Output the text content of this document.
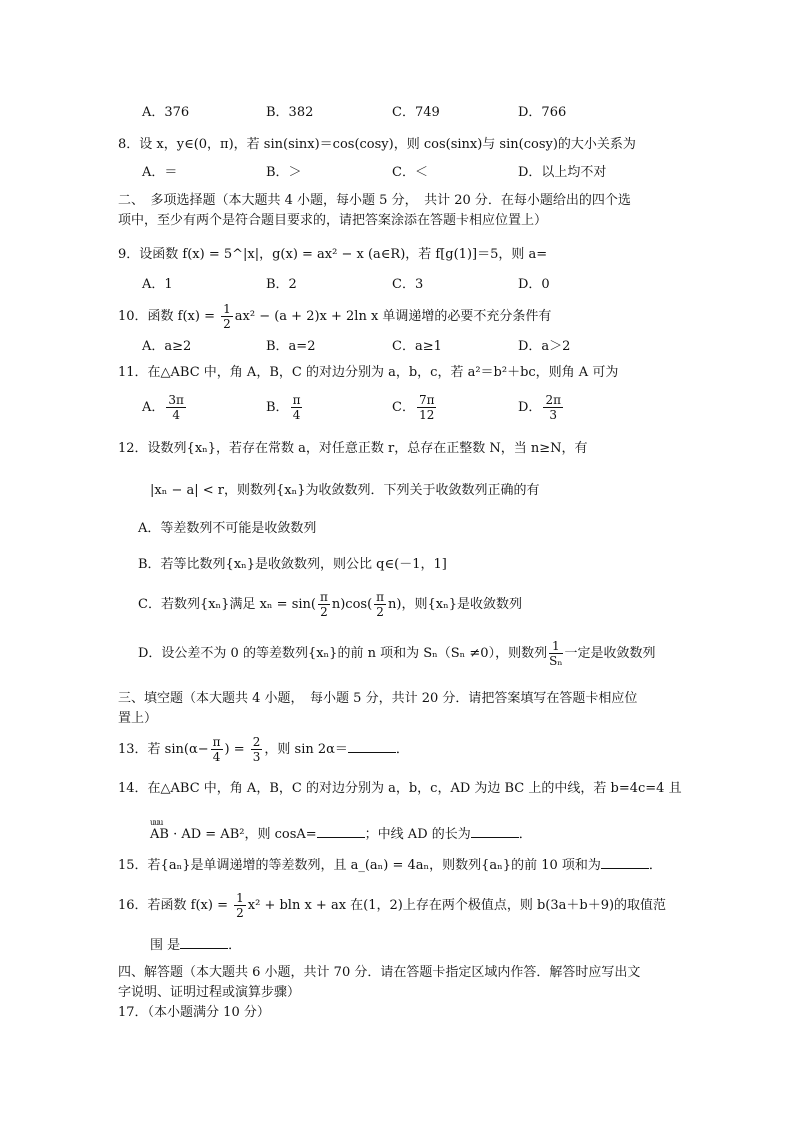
A．376	B．382	C．749	D．766
8．设 x，y∈(0，π)，若 sin(sinx)＝cos(cosy)，则 cos(sinx)与 sin(cosy)的大小关系为
A．＝	B．＞	C．＜	D．以上均不对
二、　多项选择题（本大题共 4 小题，每小题 5 分，　共计 20 分．在每小题给出的四个选
项中，至少有两个是符合题目要求的，请把答案涂添在答题卡相应位置上）
9．设函数 f(x) = 5^|x|，g(x) = ax² − x (a∈R)，若 f[g(1)]＝5，则 a=
A．1	B．2	C．3	D．0
10．函数 $f(x) = \frac{1}{2} ax^2 - (a + 2)x + 2\ln$ x 单调递增的必要不充分条件有
A．a≥2	B．a=2	C．a≥1	D．a＞2
11．在△ABC 中，角 A，B，C 的对边分别为 a，b，c，若 a²＝b²＋bc，则角 A 可为
A． $\frac{3\pi}{4}$	B． $\frac{\pi}{4}$	C． $\frac{7\pi}{12}$	D． $\frac{2\pi}{3}$
12．设数列{xₙ}，若存在常数 a，对任意正数 r，总存在正整数 N，当 n≥N，有
|xₙ − a| < r，则数列{xₙ}为收敛数列．下列关于收敛数列正确的有
A．等差数列不可能是收敛数列
B．若等比数列{xₙ}是收敛数列，则公比 q∈(－1，1]
C．若数列{xₙ}满足 $x_n = \sin( \frac{\pi}{2} n)\cos( \frac{\pi}{2} n)$，则{xₙ}是收敛数列
D．设公差不为 0 的等差数列{xₙ}的前 n 项和为 Sₙ（Sₙ ≠0），则数列 $\frac{1}{\text{Sₙ}}$ 一定是收敛数列
三、填空题（本大题共 4 小题，　每小题 5 分，共计 20 分．请把答案填写在答题卡相应位
置上）
13．若 $\sin(\alpha- \frac{\pi}{4}$ ) = $\frac{2}{3}$ ，则 sin 2α＝	．
14．在△ABC 中，角 A，B，C 的对边分别为 a，b，c，AD 为边 BC 上的中线，若 b=4c=4 且
uuu AB · AD = AB²，则 cosA=	；中线 AD 的长为	．
15．若{aₙ}是单调递增的等差数列，且 a_(aₙ) = 4aₙ，则数列{aₙ}的前 10 项和为	．
16．若函数 $f(x) = \frac{1}{2} x^2 + bln$ x + ax 在(1，2)上存在两个极值点，则 b(3a＋b＋9)的取值范
围 是	．
四、解答题（本大题共 6 小题，共计 70 分．请在答题卡指定区域内作答．解答时应写出文
字说明、证明过程或演算步骤）
17．（本小题满分 10 分）
